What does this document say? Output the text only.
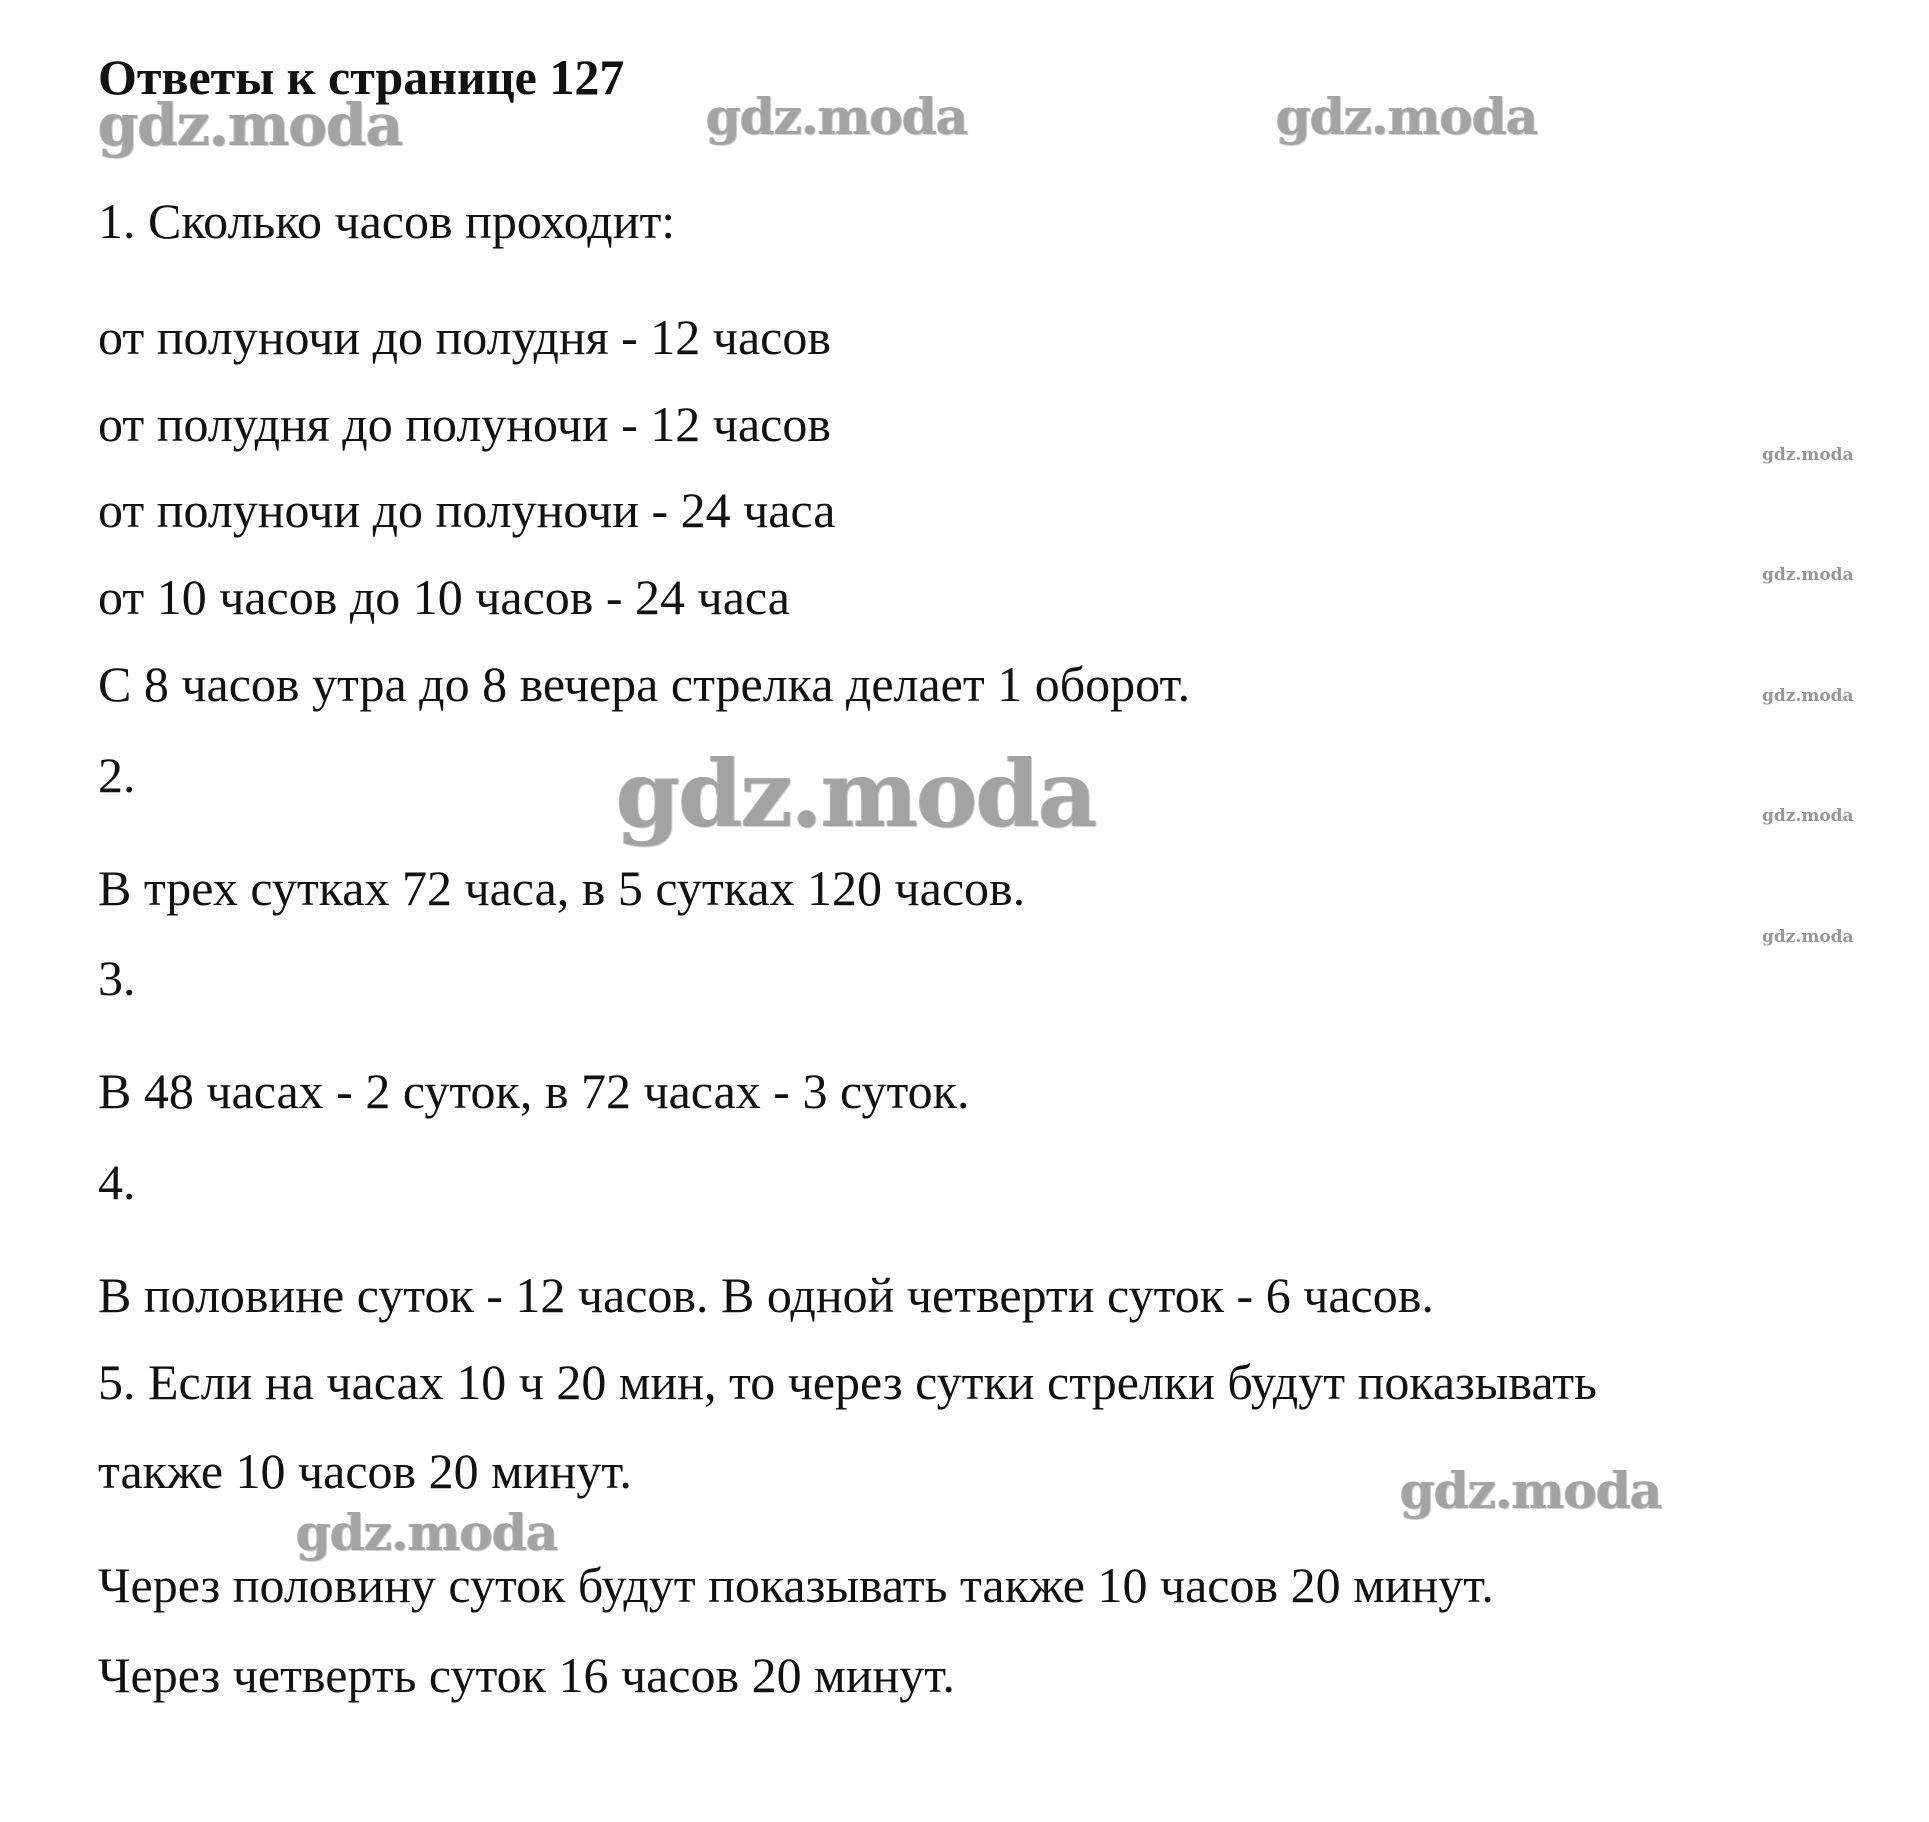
gdz.moda	gdz.moda	gdz.moda
gdz.moda
gdz.moda
gdz.moda
gdz.moda
gdz.moda
gdz.moda
gdz.moda
gdz.moda
Ответы к странице 127
1. Сколько часов проходит:
от полуночи до полудня - 12 часов
от полудня до полуночи - 12 часов
от полуночи до полуночи - 24 часа
от 10 часов до 10 часов - 24 часа
С 8 часов утра до 8 вечера стрелка делает 1 оборот.
2.
В трех сутках 72 часа, в 5 сутках 120 часов.
3.
В 48 часах - 2 суток, в 72 часах - 3 суток.
4.
В половине суток - 12 часов. В одной четверти суток - 6 часов.
5. Если на часах 10 ч 20 мин, то через сутки стрелки будут показывать
также 10 часов 20 минут.
Через половину суток будут показывать также 10 часов 20 минут.
Через четверть суток 16 часов 20 минут.
